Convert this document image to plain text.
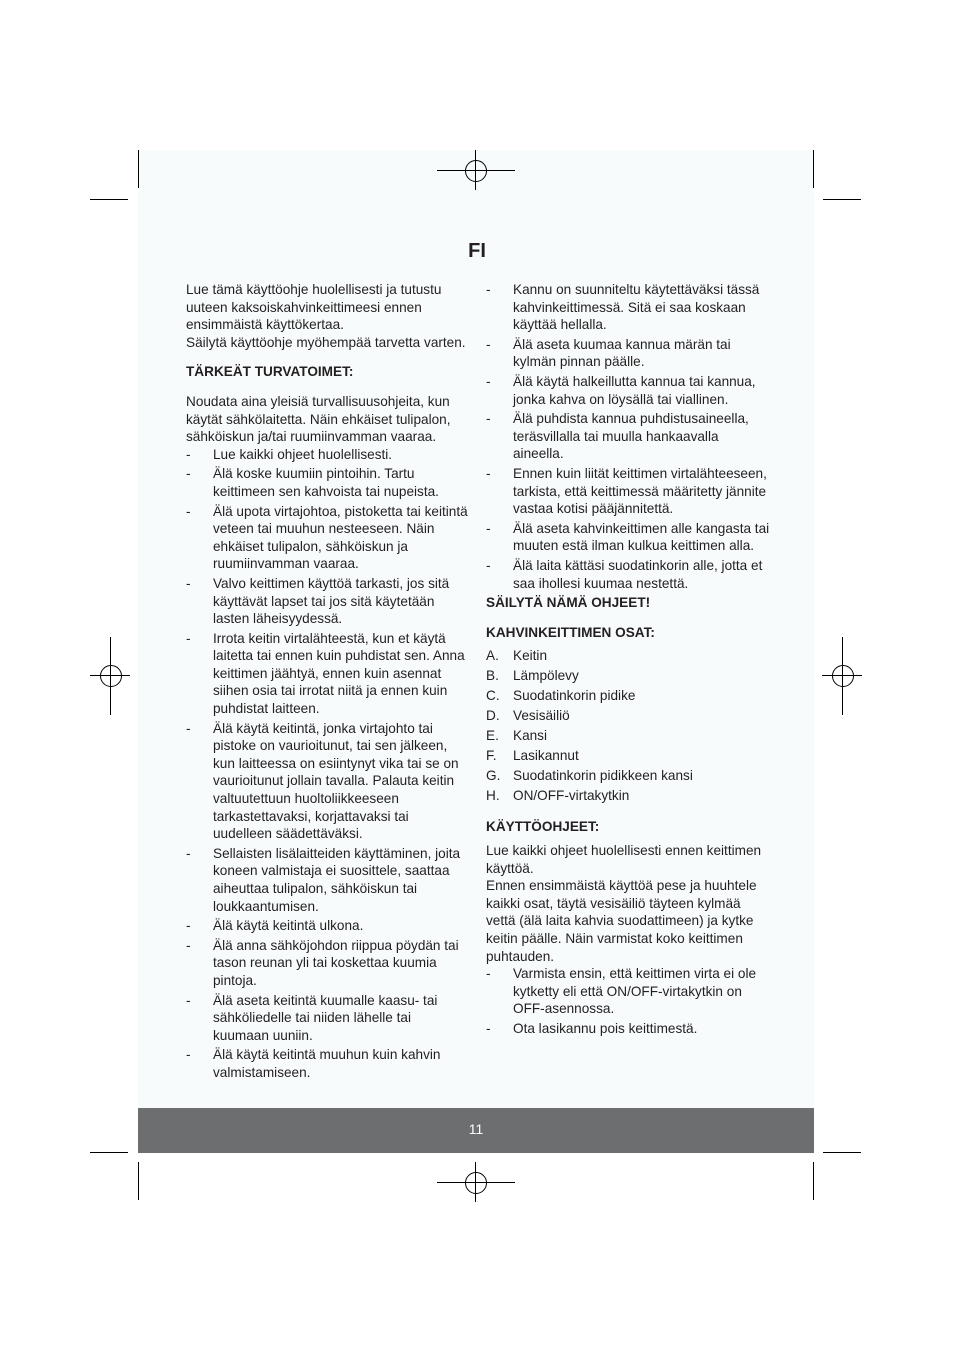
FI

Lue tämä käyttöohje huolellisesti ja tutustu uuteen kaksoiskahvinkeittimeesi ennen ensimmäistä käyttökertaa.

Säilytä käyttöohje myöhempää tarvetta varten.

TÄRKEÄT TURVATOIMET:

Noudata aina yleisiä turvallisuusohjeita, kun käytät sähkölaitetta. Näin ehkäiset tulipalon, sähköiskun ja/tai ruumiinvamman vaaraa.

- Lue kaikki ohjeet huolellisesti.
- Älä koske kuumiin pintoihin. Tartu keittimeen sen kahvoista tai nupeista.
- Älä upota virtajohtoa, pistoketta tai keitintä veteen tai muuhun nesteeseen. Näin ehkäiset tulipalon, sähköiskun ja ruumiinvamman vaaraa.
- Valvo keittimen käyttöä tarkasti, jos sitä käyttävät lapset tai jos sitä käytetään lasten läheisyydessä.
- Irrota keitin virtalähteestä, kun et käytä laitetta tai ennen kuin puhdistat sen. Anna keittimen jäähtyä, ennen kuin asennat siihen osia tai irrotat niitä ja ennen kuin puhdistat laitteen.
- Älä käytä keitintä, jonka virtajohto tai pistoke on vaurioitunut, tai sen jälkeen, kun laitteessa on esiintynyt vika tai se on vaurioitunut jollain tavalla. Palauta keitin valtuutettuun huoltoliikkeeseen tarkastettavaksi, korjattavaksi tai uudelleen säädettäväksi.
- Sellaisten lisälaitteiden käyttäminen, joita koneen valmistaja ei suosittele, saattaa aiheuttaa tulipalon, sähköiskun tai loukkaantumisen.
- Älä käytä keitintä ulkona.
- Älä anna sähköjohdon riippua pöydän tai tason reunan yli tai koskettaa kuumia pintoja.
- Älä aseta keitintä kuumalle kaasu- tai sähköliedelle tai niiden lähelle tai kuumaan uuniin.
- Älä käytä keitintä muuhun kuin kahvin valmistamiseen.
- Kannu on suunniteltu käytettäväksi tässä kahvinkeittimessä. Sitä ei saa koskaan käyttää hellalla.
- Älä aseta kuumaa kannua märän tai kylmän pinnan päälle.
- Älä käytä halkeillutta kannua tai kannua, jonka kahva on löysällä tai viallinen.
- Älä puhdista kannua puhdistusaineella, teräsvillalla tai muulla hankaavalla aineella.
- Ennen kuin liität keittimen virtalähteeseen, tarkista, että keittimessä määritetty jännite vastaa kotisi pääjännitettä.
- Älä aseta kahvinkeittimen alle kangasta tai muuten estä ilman kulkua keittimen alla.
- Älä laita kättäsi suodatinkorin alle, jotta et saa ihollesi kuumaa nestettä.

SÄILYTÄ NÄMÄ OHJEET!

KAHVINKEITTIMEN OSAT:

A. Keitin
B. Lämpölevy
C. Suodatinkorin pidike
D. Vesisäiliö
E. Kansi
F. Lasikannut
G. Suodatinkorin pidikkeen kansi
H. ON/OFF-virtakytkin

KÄYTTÖOHJEET:

Lue kaikki ohjeet huolellisesti ennen keittimen käyttöä.

Ennen ensimmäistä käyttöä pese ja huuhtele kaikki osat, täytä vesisäiliö täyteen kylmää vettä (älä laita kahvia suodattimeen) ja kytke keitin päälle. Näin varmistat koko keittimen puhtauden.

- Varmista ensin, että keittimen virta ei ole kytketty eli että ON/OFF-virtakytkin on OFF-asennossa.
- Ota lasikannu pois keittimestä.
11
